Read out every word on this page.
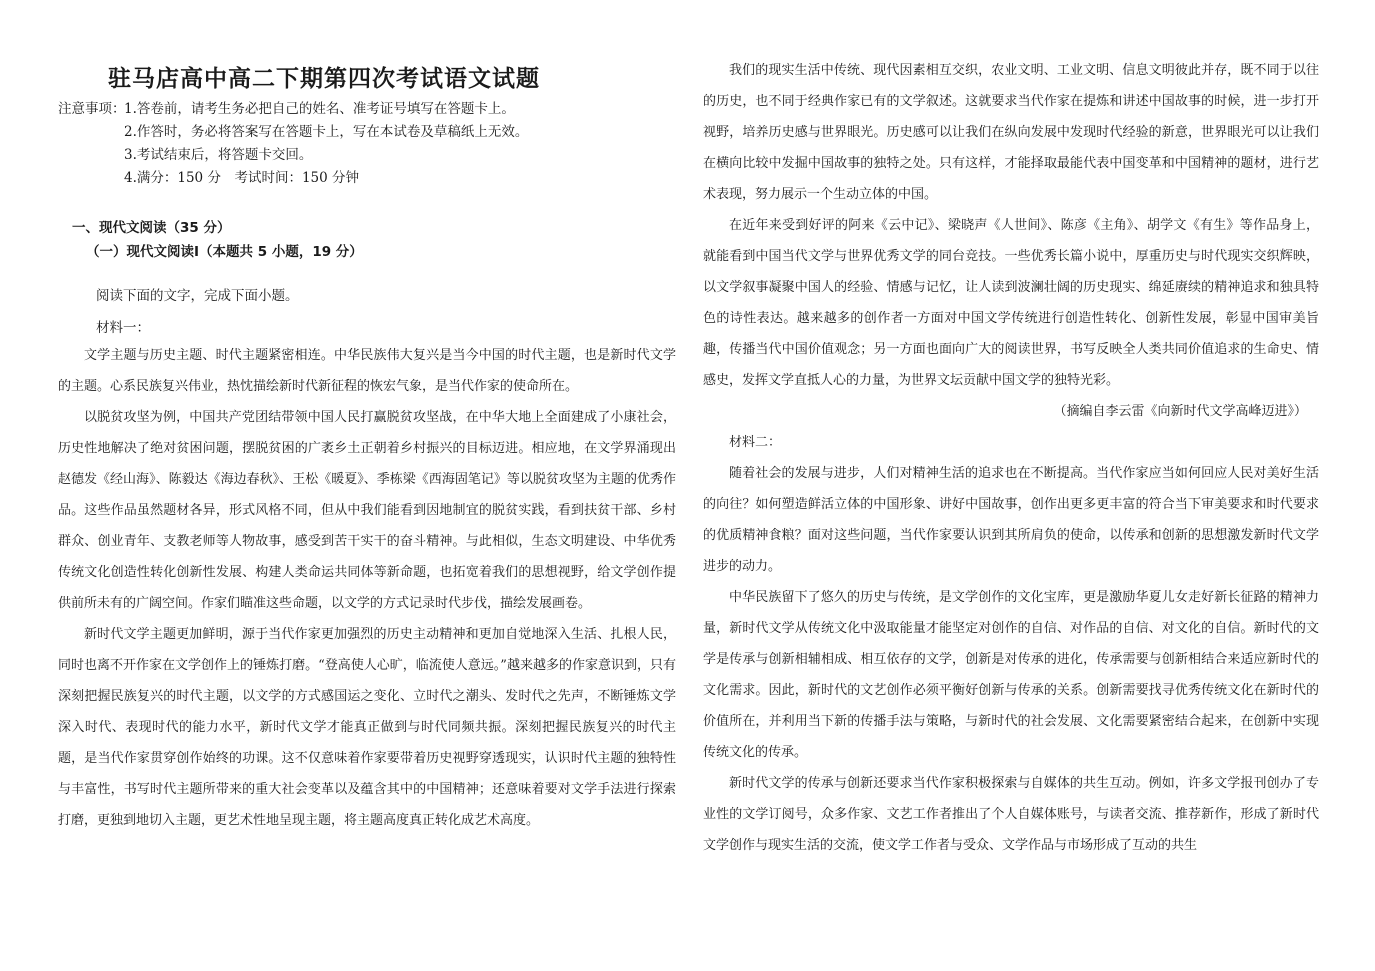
驻马店高中高二下期第四次考试语文试题
注意事项：
1.答卷前，请考生务必把自己的姓名、准考证号填写在答题卡上。
2.作答时，务必将答案写在答题卡上，写在本试卷及草稿纸上无效。
3.考试结束后，将答题卡交回。
4.满分：150 分　考试时间：150 分钟
一、现代文阅读（35 分）
（一）现代文阅读Ⅰ（本题共 5 小题，19 分）
阅读下面的文字，完成下面小题。
材料一：

文学主题与历史主题、时代主题紧密相连。中华民族伟大复兴是当今中国的时代主题，也是新时代文学的主题。心系民族复兴伟业，热忱描绘新时代新征程的恢宏气象，是当代作家的使命所在。

以脱贫攻坚为例，中国共产党团结带领中国人民打赢脱贫攻坚战，在中华大地上全面建成了小康社会，历史性地解决了绝对贫困问题，摆脱贫困的广袤乡土正朝着乡村振兴的目标迈进。相应地，在文学界涌现出赵德发《经山海》、陈毅达《海边春秋》、王松《暖夏》、季栋梁《西海固笔记》等以脱贫攻坚为主题的优秀作品。这些作品虽然题材各异，形式风格不同，但从中我们能看到因地制宜的脱贫实践，看到扶贫干部、乡村群众、创业青年、支教老师等人物故事，感受到苦干实干的奋斗精神。与此相似，生态文明建设、中华优秀传统文化创造性转化创新性发展、构建人类命运共同体等新命题，也拓宽着我们的思想视野，给文学创作提供前所未有的广阔空间。作家们瞄准这些命题，以文学的方式记录时代步伐，描绘发展画卷。

新时代文学主题更加鲜明，源于当代作家更加强烈的历史主动精神和更加自觉地深入生活、扎根人民，同时也离不开作家在文学创作上的锤炼打磨。“登高使人心旷，临流使人意远。”越来越多的作家意识到，只有深刻把握民族复兴的时代主题，以文学的方式感国运之变化、立时代之潮头、发时代之先声，不断锤炼文学深入时代、表现时代的能力水平，新时代文学才能真正做到与时代同频共振。深刻把握民族复兴的时代主题，是当代作家贯穿创作始终的功课。这不仅意味着作家要带着历史视野穿透现实，认识时代主题的独特性与丰富性，书写时代主题所带来的重大社会变革以及蕴含其中的中国精神；还意味着要对文学手法进行探索打磨，更独到地切入主题，更艺术性地呈现主题，将主题高度真正转化成艺术高度。

我们的现实生活中传统、现代因素相互交织，农业文明、工业文明、信息文明彼此并存，既不同于以往的历史，也不同于经典作家已有的文学叙述。这就要求当代作家在提炼和讲述中国故事的时候，进一步打开视野，培养历史感与世界眼光。历史感可以让我们在纵向发展中发现时代经验的新意，世界眼光可以让我们在横向比较中发掘中国故事的独特之处。只有这样，才能择取最能代表中国变革和中国精神的题材，进行艺术表现，努力展示一个生动立体的中国。

在近年来受到好评的阿来《云中记》、梁晓声《人世间》、陈彦《主角》、胡学文《有生》等作品身上，就能看到中国当代文学与世界优秀文学的同台竞技。一些优秀长篇小说中，厚重历史与时代现实交织辉映，以文学叙事凝聚中国人的经验、情感与记忆，让人读到波澜壮阔的历史现实、绵延赓续的精神追求和独具特色的诗性表达。越来越多的创作者一方面对中国文学传统进行创造性转化、创新性发展，彰显中国审美旨趣，传播当代中国价值观念；另一方面也面向广大的阅读世界，书写反映全人类共同价值追求的生命史、情感史，发挥文学直抵人心的力量，为世界文坛贡献中国文学的独特光彩。

（摘编自李云雷《向新时代文学高峰迈进》）

材料二：

随着社会的发展与进步，人们对精神生活的追求也在不断提高。当代作家应当如何回应人民对美好生活的向往？如何塑造鲜活立体的中国形象、讲好中国故事，创作出更多更丰富的符合当下审美要求和时代要求的优质精神食粮？面对这些问题，当代作家要认识到其所肩负的使命，以传承和创新的思想激发新时代文学进步的动力。

中华民族留下了悠久的历史与传统，是文学创作的文化宝库，更是激励华夏儿女走好新长征路的精神力量，新时代文学从传统文化中汲取能量才能坚定对创作的自信、对作品的自信、对文化的自信。新时代的文学是传承与创新相辅相成、相互依存的文学，创新是对传承的进化，传承需要与创新相结合来适应新时代的文化需求。因此，新时代的文艺创作必须平衡好创新与传承的关系。创新需要找寻优秀传统文化在新时代的价值所在，并利用当下新的传播手法与策略，与新时代的社会发展、文化需要紧密结合起来，在创新中实现传统文化的传承。

新时代文学的传承与创新还要求当代作家积极探索与自媒体的共生互动。例如，许多文学报刊创办了专业性的文学订阅号，众多作家、文艺工作者推出了个人自媒体账号，与读者交流、推荐新作，形成了新时代文学创作与现实生活的交流，使文学工作者与受众、文学作品与市场形成了互动的共生
